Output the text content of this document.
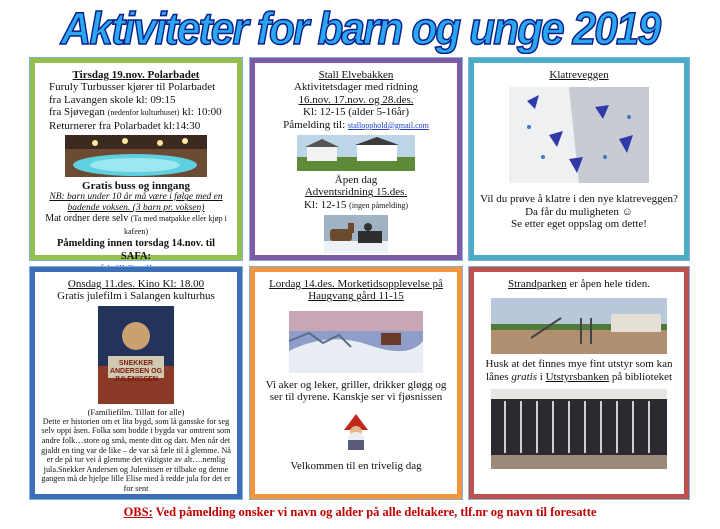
Aktiviteter for barn og unge 2019
Tirsdag 19.nov. Polarbadet
Furuly Turbusser kjører til Polarbadet
fra Lavangen skole kl: 09:15
fra Sjøvegan (nedenfor kulturhuset) kl: 10:00
Returnerer fra Polarbadet kl:14:30
Gratis buss og inngang
NB: barn under 10 år må være i følge med en badende voksen. (3 barn pr. voksen)
Mat ordner dere selv (Ta med matpakke eller kjøp i kafeen)
Påmelding innen torsdag 14.nov. til SAFA:
Stall Elvebakken
Aktivitetsdager med ridning
16.nov. 17.nov. og 28.des.
Kl: 12-15 (alder 5-16år)
Påmelding til: stallopphold@gmail.com
Åpen dag
Adventsridning 15.des.
Kl: 12-15 (ingen påmelding)
Klatreveggen
Vil du prøve å klatre i den nye klatreveggen?
Da får du muligheten ☺
Se etter eget oppslag om dette!
Onsdag 11.des. Kino Kl: 18.00
Gratis julefilm i Salangen kulturhus
SNEKKER ANDERSEN OG JULENISSEN
(Familiefilm. Tillatt for alle)
Dette er historien om et lita bygd, som lå gansske for seg selv oppi åsen. Folka som bodde i bygda var omtrent som andre folk…store og små, mente ditt og datt. Men når det gjaldt en ting var de like – de var så fæle til å glemme. Nå er de på tur vei å glemme det viktigste av alt….nemlig jula.Snekker Andersen og Julenissen er tilbake og denne gangen må de hjelpe lille Elise med å redde jula for det er for sent
Lordag 14.des. Morketidsopplevelse på Haugvang gård 11-15
Vi aker og leker, griller, drikker gløgg og ser til dyrene. Kanskje ser vi fjøsnissen
Velkommen til en trivelig dag
Strandparken er åpen hele tiden.
Husk at det finnes mye fint utstyr som kan lånes gratis i Utstyrsbanken på biblioteket
OBS: Ved påmelding onsker vi navn og alder på alle deltakere, tlf.nr og navn til foresatte
